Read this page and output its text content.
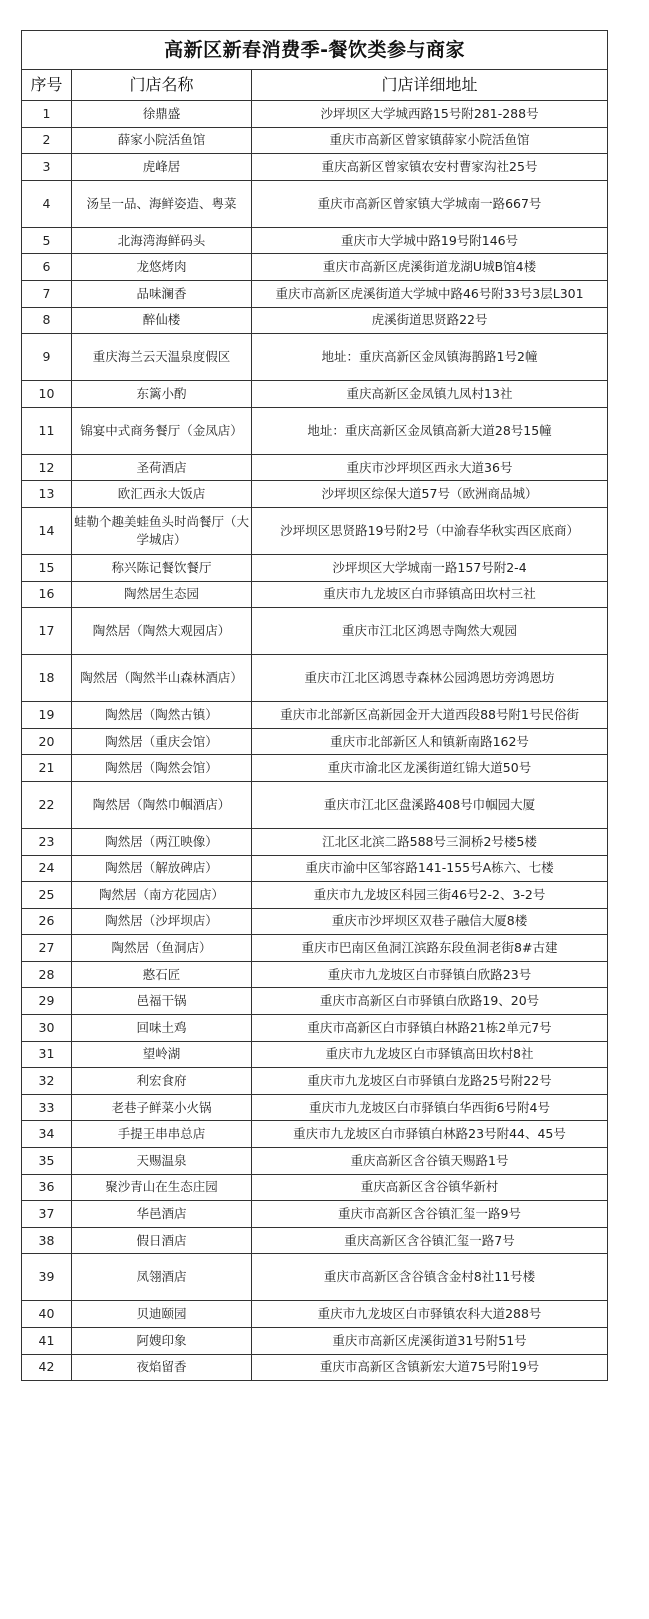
高新区新春消费季-餐饮类参与商家		
序号	门店名称	门店详细地址
1	徐鼎盛	沙坪坝区大学城西路15号附281-288号
2	薛家小院活鱼馆	重庆市高新区曾家镇薛家小院活鱼馆
3	虎峰居	重庆高新区曾家镇农安村曹家沟社25号
4	汤呈一品、海鲜姿造、粤菜	重庆市高新区曾家镇大学城南一路667号
5	北海湾海鲜码头	重庆市大学城中路19号附146号
6	龙悠烤肉	重庆市高新区虎溪街道龙湖U城B馆4楼
7	品味澜香	重庆市高新区虎溪街道大学城中路46号附33号3层L301
8	醉仙楼	虎溪街道思贤路22号
9	重庆海兰云天温泉度假区	地址：重庆高新区金凤镇海鹊路1号2幢
10	东篱小酌	重庆高新区金凤镇九凤村13社
11	锦宴中式商务餐厅（金凤店）	地址：重庆高新区金凤镇高新大道28号15幢
12	圣荷酒店	重庆市沙坪坝区西永大道36号
13	欧汇西永大饭店	沙坪坝区综保大道57号（欧洲商品城）
14	蛙勒个趣美蛙鱼头时尚餐厅（大学城店）	沙坪坝区思贤路19号附2号（中渝春华秋实西区底商）
15	称兴陈记餐饮餐厅	沙坪坝区大学城南一路157号附2-4
16	陶然居生态园	重庆市九龙坡区白市驿镇高田坎村三社
17	陶然居（陶然大观园店）	重庆市江北区鸿恩寺陶然大观园
18	陶然居（陶然半山森林酒店）	重庆市江北区鸿恩寺森林公园鸿恩坊旁鸿恩坊
19	陶然居（陶然古镇）	重庆市北部新区高新园金开大道西段88号附1号民俗街
20	陶然居（重庆会馆）	重庆市北部新区人和镇新南路162号
21	陶然居（陶然会馆）	重庆市渝北区龙溪街道红锦大道50号
22	陶然居（陶然巾帼酒店）	重庆市江北区盘溪路408号巾帼园大厦
23	陶然居（两江映像）	江北区北滨二路588号三洞桥2号楼5楼
24	陶然居（解放碑店）	重庆市渝中区邹容路141-155号A栋六、七楼
25	陶然居（南方花园店）	重庆市九龙坡区科园三街46号2-2、3-2号
26	陶然居（沙坪坝店）	重庆市沙坪坝区双巷子融信大厦8楼
27	陶然居（鱼洞店）	重庆市巴南区鱼洞江滨路东段鱼洞老街8#古建
28	憨石匠	重庆市九龙坡区白市驿镇白欣路23号
29	邑福干锅	重庆市高新区白市驿镇白欣路19、20号
30	回味土鸡	重庆市高新区白市驿镇白林路21栋2单元7号
31	望岭湖	重庆市九龙坡区白市驿镇高田坎村8社
32	利宏食府	重庆市九龙坡区白市驿镇白龙路25号附22号
33	老巷子鲜菜小火锅	重庆市九龙坡区白市驿镇白华西街6号附4号
34	手提王串串总店	重庆市九龙坡区白市驿镇白林路23号附44、45号
35	天赐温泉	重庆高新区含谷镇天赐路1号
36	聚沙青山在生态庄园	重庆高新区含谷镇华新村
37	华邑酒店	重庆市高新区含谷镇汇玺一路9号
38	假日酒店	重庆高新区含谷镇汇玺一路7号
39	凤翎酒店	重庆市高新区含谷镇含金村8社11号楼
40	贝迪颐园	重庆市九龙坡区白市驿镇农科大道288号
41	阿嫂印象	重庆市高新区虎溪街道31号附51号
42	夜焰留香	重庆市高新区含镇新宏大道75号附19号
